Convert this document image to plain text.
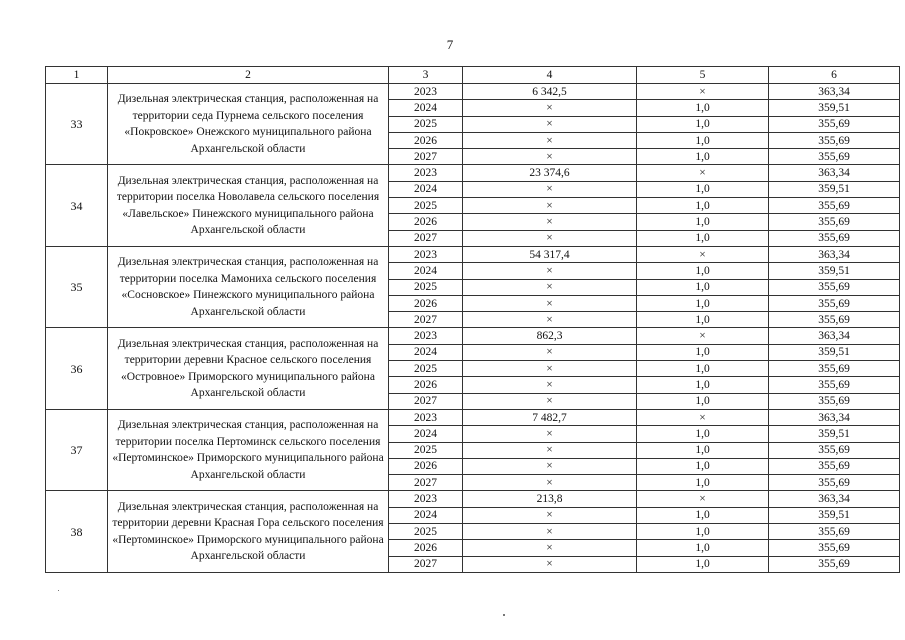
7
1	2	3	4	5	6
33	Дизельная электрическая станция, расположенная на территории седа Пурнема сельского поселения «Покровское» Онежского муниципального района Архангельской области	2023	6 342,5	×	363,34
		2024	×	1,0	359,51
		2025	×	1,0	355,69
		2026	×	1,0	355,69
		2027	×	1,0	355,69
34	Дизельная электрическая станция, расположенная на территории поселка Новолавела сельского поселения «Лавельское» Пинежского муниципального района Архангельской области	2023	23 374,6	×	363,34
		2024	×	1,0	359,51
		2025	×	1,0	355,69
		2026	×	1,0	355,69
		2027	×	1,0	355,69
35	Дизельная электрическая станция, расположенная на территории поселка Мамониха сельского поселения «Сосновское» Пинежского муниципального района Архангельской области	2023	54 317,4	×	363,34
		2024	×	1,0	359,51
		2025	×	1,0	355,69
		2026	×	1,0	355,69
		2027	×	1,0	355,69
36	Дизельная электрическая станция, расположенная на территории деревни Красное сельского поселения «Островное» Приморского муниципального района Архангельской области	2023	862,3	×	363,34
		2024	×	1,0	359,51
		2025	×	1,0	355,69
		2026	×	1,0	355,69
		2027	×	1,0	355,69
37	Дизельная электрическая станция, расположенная на территории поселка Пертоминск сельского поселения «Пертоминское» Приморского муниципального района Архангельской области	2023	7 482,7	×	363,34
		2024	×	1,0	359,51
		2025	×	1,0	355,69
		2026	×	1,0	355,69
		2027	×	1,0	355,69
38	Дизельная электрическая станция, расположенная на территории деревни Красная Гора сельского поселения «Пертоминское» Приморского муниципального района Архангельской области	2023	213,8	×	363,34
		2024	×	1,0	359,51
		2025	×	1,0	355,69
		2026	×	1,0	355,69
		2027	×	1,0	355,69
